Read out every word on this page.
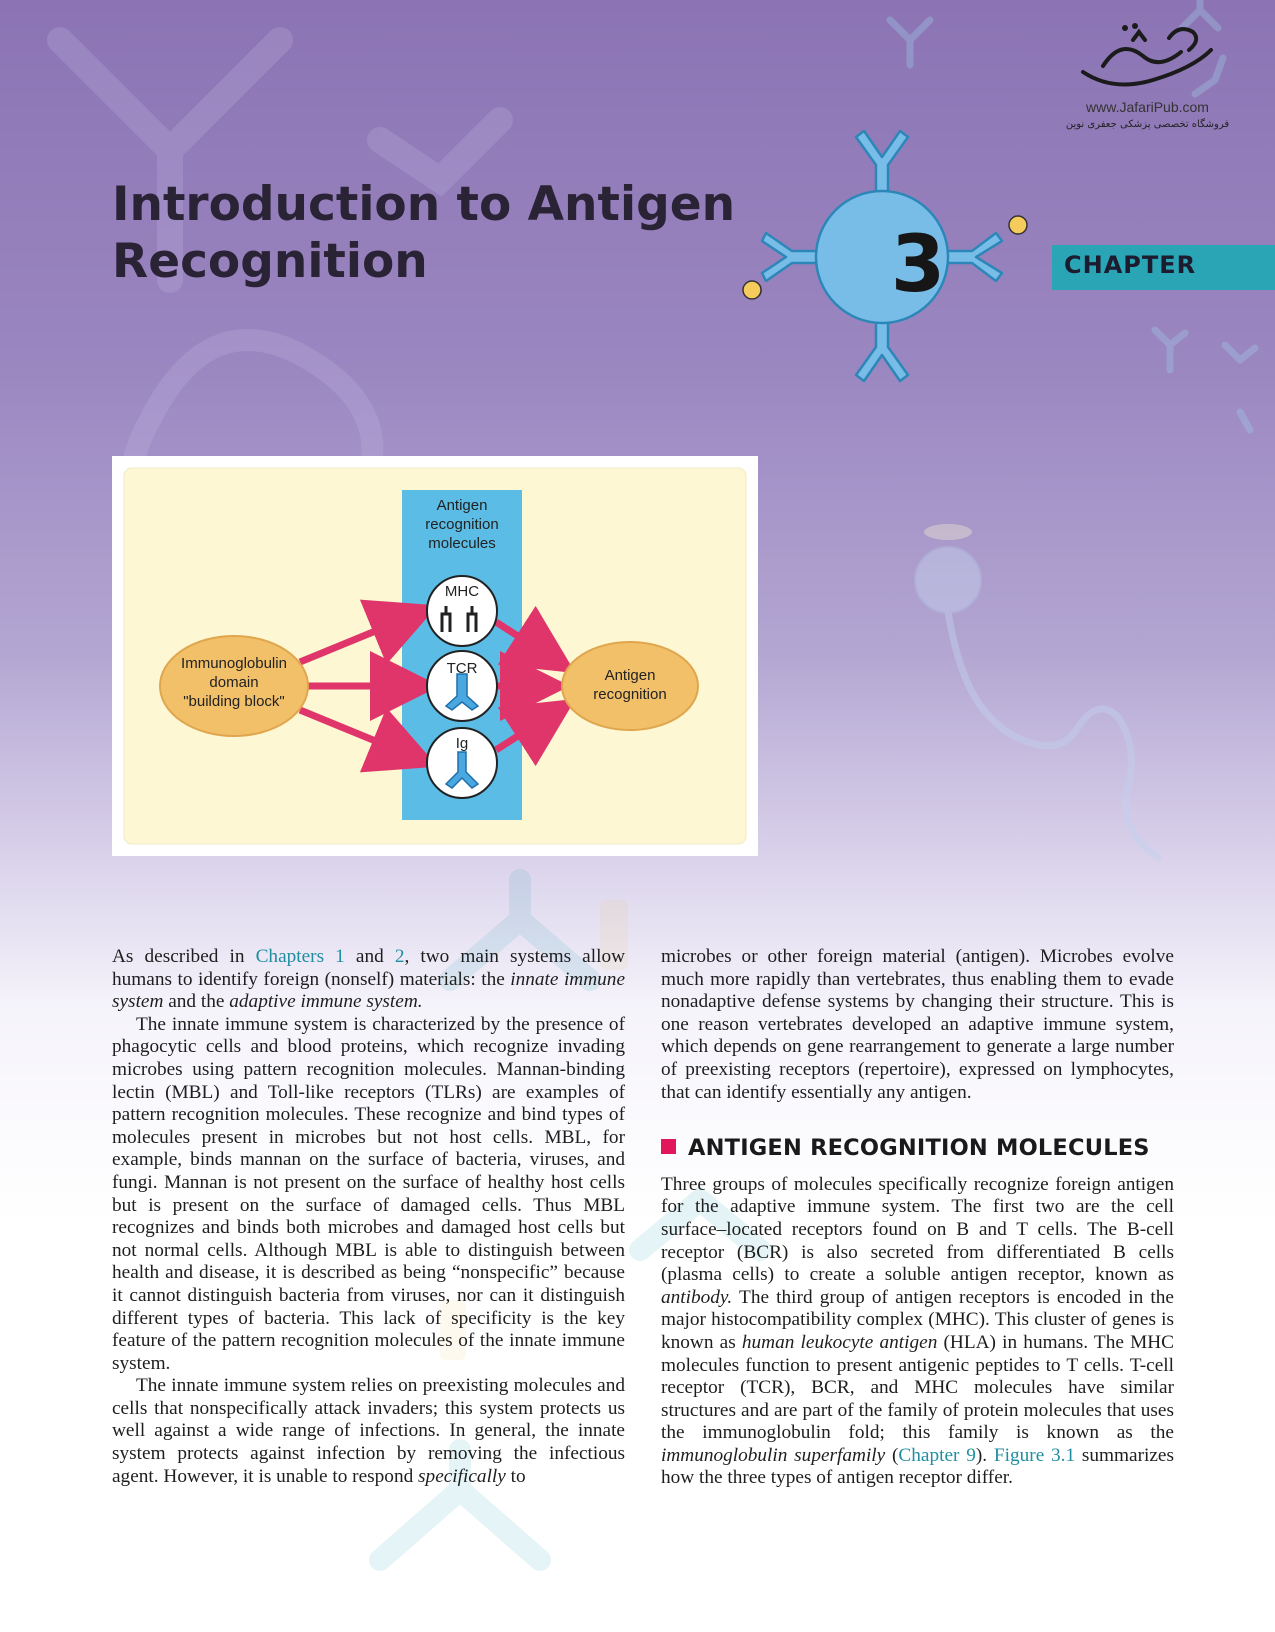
www.JafariPub.com
فروشگاه تخصصی پزشکی جعفری نوین
3	CHAPTER
Introduction to Antigen
Recognition
Antigen
recognition
molecules
Immunoglobulin
domain
"building block"
Antigen
recognition
MHC
TCR
Ig

As described in Chapters 1 and 2, two main systems allow humans to identify foreign (nonself) materials: the innate immune system and the adaptive immune system.

The innate immune system is characterized by the presence of phagocytic cells and blood proteins, which recognize invading microbes using pattern recognition molecules. Mannan-binding lectin (MBL) and Toll-like receptors (TLRs) are examples of pattern recognition molecules. These recognize and bind types of molecules present in microbes but not host cells. MBL, for example, binds mannan on the surface of bacteria, viruses, and fungi. Mannan is not present on the surface of healthy host cells but is present on the surface of damaged cells. Thus MBL recognizes and binds both microbes and damaged host cells but not normal cells. Although MBL is able to distinguish between health and disease, it is described as being “nonspecific” because it cannot distinguish bacteria from viruses, nor can it distinguish different types of bacteria. This lack of specificity is the key feature of the pattern recognition molecules of the innate immune system.

The innate immune system relies on preexisting molecules and cells that nonspecifically attack invaders; this system protects us well against a wide range of infections. In general, the innate system protects against infection by removing the infectious agent. However, it is unable to respond specifically to

microbes or other foreign material (antigen). Microbes evolve much more rapidly than vertebrates, thus enabling them to evade nonadaptive defense systems by changing their structure. This is one reason vertebrates developed an adaptive immune system, which depends on gene rearrangement to generate a large number of preexisting receptors (repertoire), expressed on lymphocytes, that can identify essentially any antigen.

ANTIGEN RECOGNITION MOLECULES

Three groups of molecules specifically recognize foreign antigen for the adaptive immune system. The first two are the cell surface–located receptors found on B and T cells. The B-cell receptor (BCR) is also secreted from differentiated B cells (plasma cells) to create a soluble antigen receptor, known as antibody. The third group of antigen receptors is encoded in the major histocompatibility complex (MHC). This cluster of genes is known as human leukocyte antigen (HLA) in humans. The MHC molecules function to present antigenic peptides to T cells. T-cell receptor (TCR), BCR, and MHC molecules have similar structures and are part of the family of protein molecules that uses the immunoglobulin fold; this family is known as the immunoglobulin superfamily (Chapter 9). Figure 3.1 summarizes how the three types of antigen receptor differ.
